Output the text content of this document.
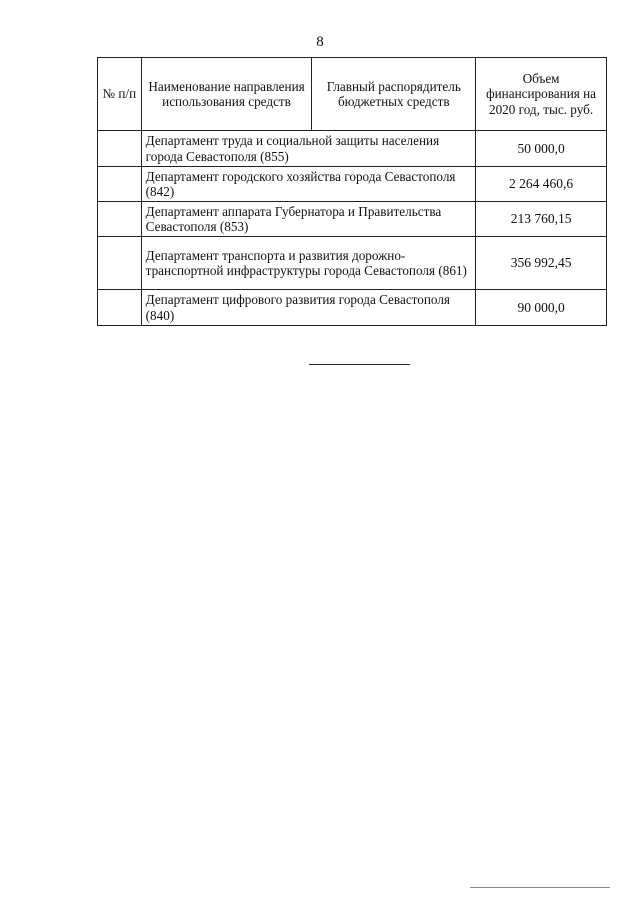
8
№ п/п	Наименование направления использования средств	Главный распорядитель бюджетных средств	Объем финансирования на 2020 год, тыс. руб.
	Департамент труда и социальной защиты населения города Севастополя (855)		50 000,0
	Департамент городского хозяйства города Севастополя (842)		2 264 460,6
	Департамент аппарата Губернатора и Правительства Севастополя (853)		213 760,15
	Департамент транспорта и развития дорожно-транспортной инфраструктуры города Севастополя (861)		356 992,45
	Департамент цифрового развития города Севастополя (840)		90 000,0
